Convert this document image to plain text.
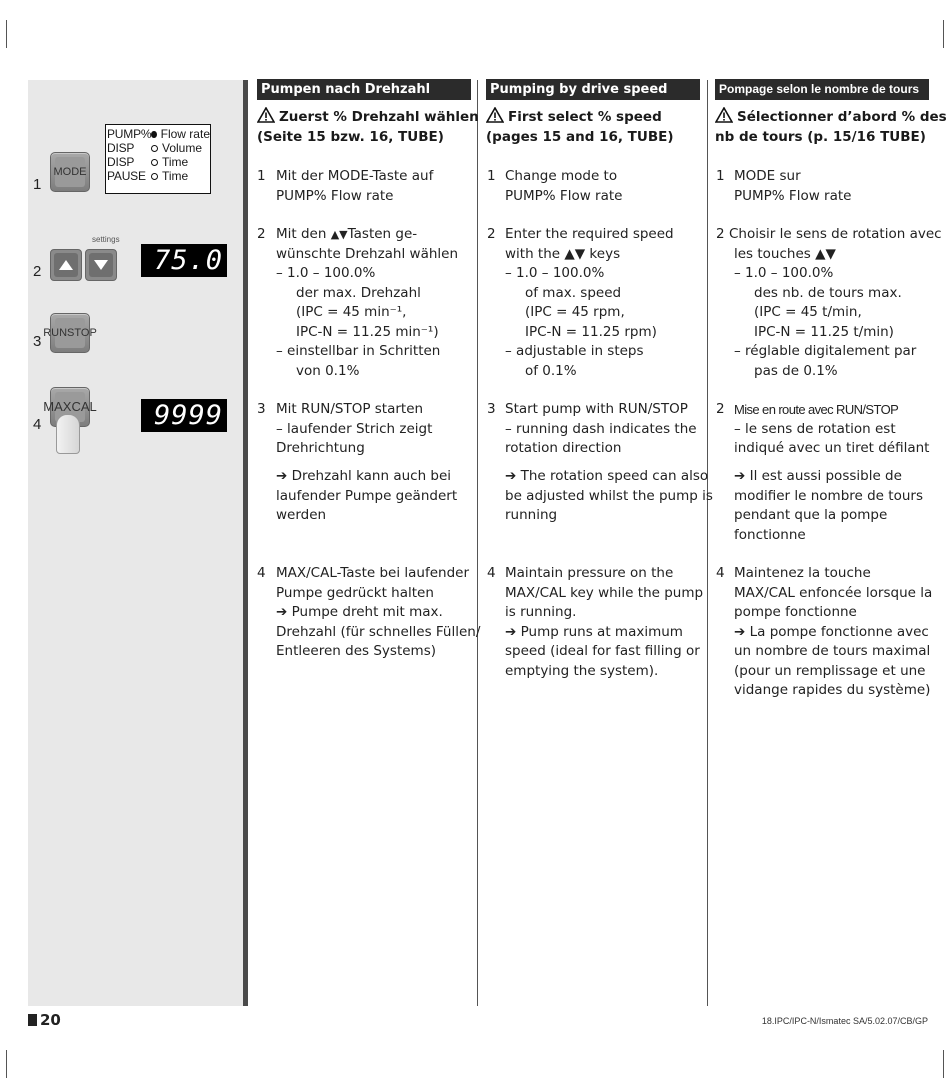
1
2
3
4
MODE
PUMP% Flow rate
DISP	Volume
DISP	Time
PAUSE	Time
settings
75.0
RUN STOP
MAX CAL	9999
Pumpen nach Drehzahl
Zuerst % Drehzahl wählen
(Seite 15 bzw. 16, TUBE)
1 Mit der MODE-Taste auf
PUMP% Flow rate
2 Mit den ▲▼Tasten ge-
wünschte Drehzahl wählen
– 1.0 – 100.0%
der max. Drehzahl
(IPC = 45 min⁻¹,
IPC-N = 11.25 min⁻¹)
– einstellbar in Schritten
von 0.1%
3 Mit RUN/STOP starten
– laufender Strich zeigt
Drehrichtung
➔ Drehzahl kann auch bei
laufender Pumpe geändert
werden
4 MAX/CAL-Taste bei laufender
Pumpe gedrückt halten
➔ Pumpe dreht mit max.
Drehzahl (für schnelles Füllen/
Entleeren des Systems)
Pumping by drive speed
First select % speed
(pages 15 and 16, TUBE)
1 Change mode to
PUMP% Flow rate
2 Enter the required speed
with the ▲▼ keys
– 1.0 – 100.0%
of max. speed
(IPC = 45 rpm,
IPC-N = 11.25 rpm)
– adjustable in steps
of 0.1%
3 Start pump with RUN/STOP
– running dash indicates the
rotation direction
➔ The rotation speed can also
be adjusted whilst the pump is
running
4 Maintain pressure on the
MAX/CAL key while the pump
is running.
➔ Pump runs at maximum
speed (ideal for fast filling or
emptying the system).
Pompage selon le nombre de tours
Sélectionner d’abord % des
nb de tours (p. 15/16 TUBE)
1 MODE sur
PUMP% Flow rate
2 Choisir le sens de rotation avec
les touches ▲▼
– 1.0 – 100.0%
des nb. de tours max.
(IPC = 45 t/min,
IPC-N = 11.25 t/min)
– réglable digitalement par
pas de 0.1%
2 Mise en route avec RUN/STOP
– le sens de rotation est
indiqué avec un tiret défilant
➔ Il est aussi possible de
modifier le nombre de tours
pendant que la pompe
fonctionne
4 Maintenez la touche
MAX/CAL enfoncée lorsque la
pompe fonctionne
➔ La pompe fonctionne avec
un nombre de tours maximal
(pour un remplissage et une
vidange rapides du système)
20	18.IPC/IPC-N/Ismatec SA/5.02.07/CB/GP
